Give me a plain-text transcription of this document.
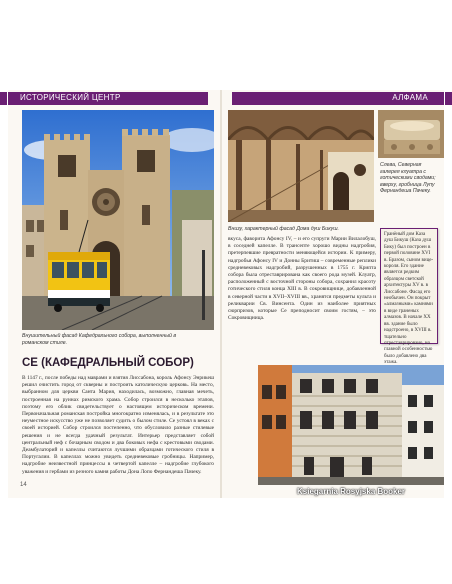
ИСТОРИЧЕСКИЙ ЦЕНТР	АЛФАМА
Внушительный фасад Кафедрального собора, выполненный в романском стиле.
Внизу, характерный фасад Дома душ Бикуш.
Слева, Северная галерея клуатра с готическими сводами; вверху, гробница Лупу Фернандеша Пачеку.
СЕ (КАФЕДРАЛЬНЫЙ СОБОР)
В 1147 г., после победы над маврами и взятия Лиссабона, король Афонсу Энрикеш решил очистить город от скверны и построить католическую церковь. На место, выбранном для церкви Санта Мария, находилась, возможно, главная мечеть, построенная на руинах римского храма. Собор строился в несколько этапов, поэтому его облик свидетельствует о настоящем историческом времени. Первоначальная романская постройка многократно изменялась, и в результате это неуместное искусство уже не позволяет судить о былом стиле. Се устоял в веках с своей историей. Собор строился постепенно, что обусловило разные стилевые решения и не всегда удачный результат. Интерьер представляет собой центральный неф с бочарным сводом и два боковых нефа с крестовыми сводами. Деамбулаторий и капеллы считаются лучшими образцами готического стиля в Португалии. В капеллах можно увидеть средневековые гробницы. Например, надгробие неизвестной принцессы в четвертой капелле – надгробие глубокого уважения и гербами из резного камня работы Дона Лопо Фернандеша Пачеку.
вкуса, фаворита Афонсу IV, – и его супруги Марии Вилалобуш, в соседней капелле. В трансепте хорошо видны надгробия, претерпевшие превратности меняющейся истории. К примеру, надгробья Афонсу IV и Донны Бритиш – современные реплики средневековых надгробий, разрушенных в 1755 г. Крипта собора была отреставрирована как своего рода музей. Клуатр, расположенный с восточной стороны собора, сохранил красоту готического стиля конца XIII в. В сокровищнице, добавленной в северной части в XVII–XVIII вв., хранятся предметы культа и реликварии Св. Винсента. Один из наиболее приятных сюрпризов, которые Се преподносит своим гостям, – это Сокровищница.

Гранёный дом Каза душ Бикуш (Каза душ Бику) был построен в первой половине XVI в. Бразом, сыном вице-короля. Его здание является редким образцом светской архитектуры XV в. в Лиссабоне. Фасад его необычен. Он покрыт «алмазными» камнями в виде граненых алмазов. В начале XX вв. здание было надстроено, в XVIII в. тщательно отреставрировано, но главной особенностью было добавлено два этажа.

14
Ksiegarnia Rosyjska Booker
